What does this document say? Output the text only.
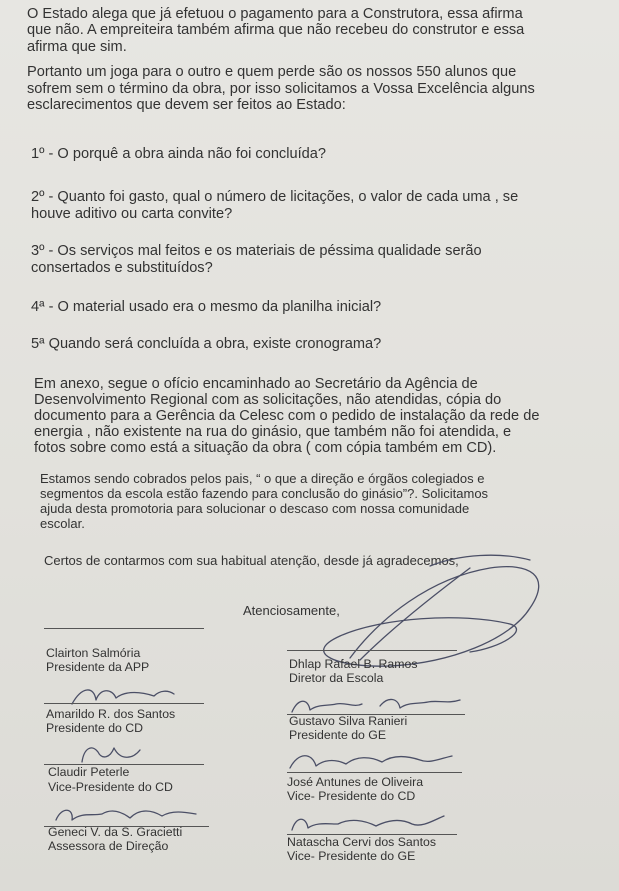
O Estado alega que já efetuou o pagamento para a Construtora, essa afirma
que não. A empreiteira também afirma que não recebeu do construtor e essa
afirma que sim.
Portanto um joga para o outro e quem perde são os nossos 550 alunos que
sofrem sem o término da obra, por isso solicitamos a Vossa Excelência alguns
esclarecimentos que devem ser feitos ao Estado:
1º - O porquê a obra ainda não foi concluída?
2º - Quanto foi gasto, qual o número de licitações, o valor de cada uma , se
houve aditivo ou carta convite?
3º - Os serviços mal feitos e os materiais de péssima qualidade serão
consertados e substituídos?
4ª - O material usado era o mesmo da planilha inicial?
5ª Quando será concluída a obra, existe cronograma?
Em anexo, segue o ofício encaminhado ao Secretário da Agência de
Desenvolvimento Regional com as solicitações, não atendidas, cópia do
documento para a Gerência da Celesc com o pedido de instalação da rede de
energia , não existente na rua do ginásio, que também não foi atendida, e
fotos sobre como está a situação da obra ( com cópia também em CD).
Estamos sendo cobrados pelos pais, “ o que a direção e órgãos colegiados e
segmentos da escola estão fazendo para conclusão do ginásio”?. Solicitamos
ajuda desta promotoria para solucionar o descaso com nossa comunidade
escolar.
Certos de contarmos com sua habitual atenção, desde já agradecemos,
Atenciosamente,
Clairton Salmória
Presidente da APP	Dhlap Rafael B. Ramos
Diretor da Escola
Amarildo R. dos Santos
Presidente do CD	Gustavo Silva Ranieri
Presidente do GE
Claudir Peterle
Vice-Presidente do CD	José Antunes de Oliveira
Vice- Presidente do CD
Geneci V. da S. Gracietti
Assessora de Direção	Natascha Cervi dos Santos
Vice- Presidente do GE
